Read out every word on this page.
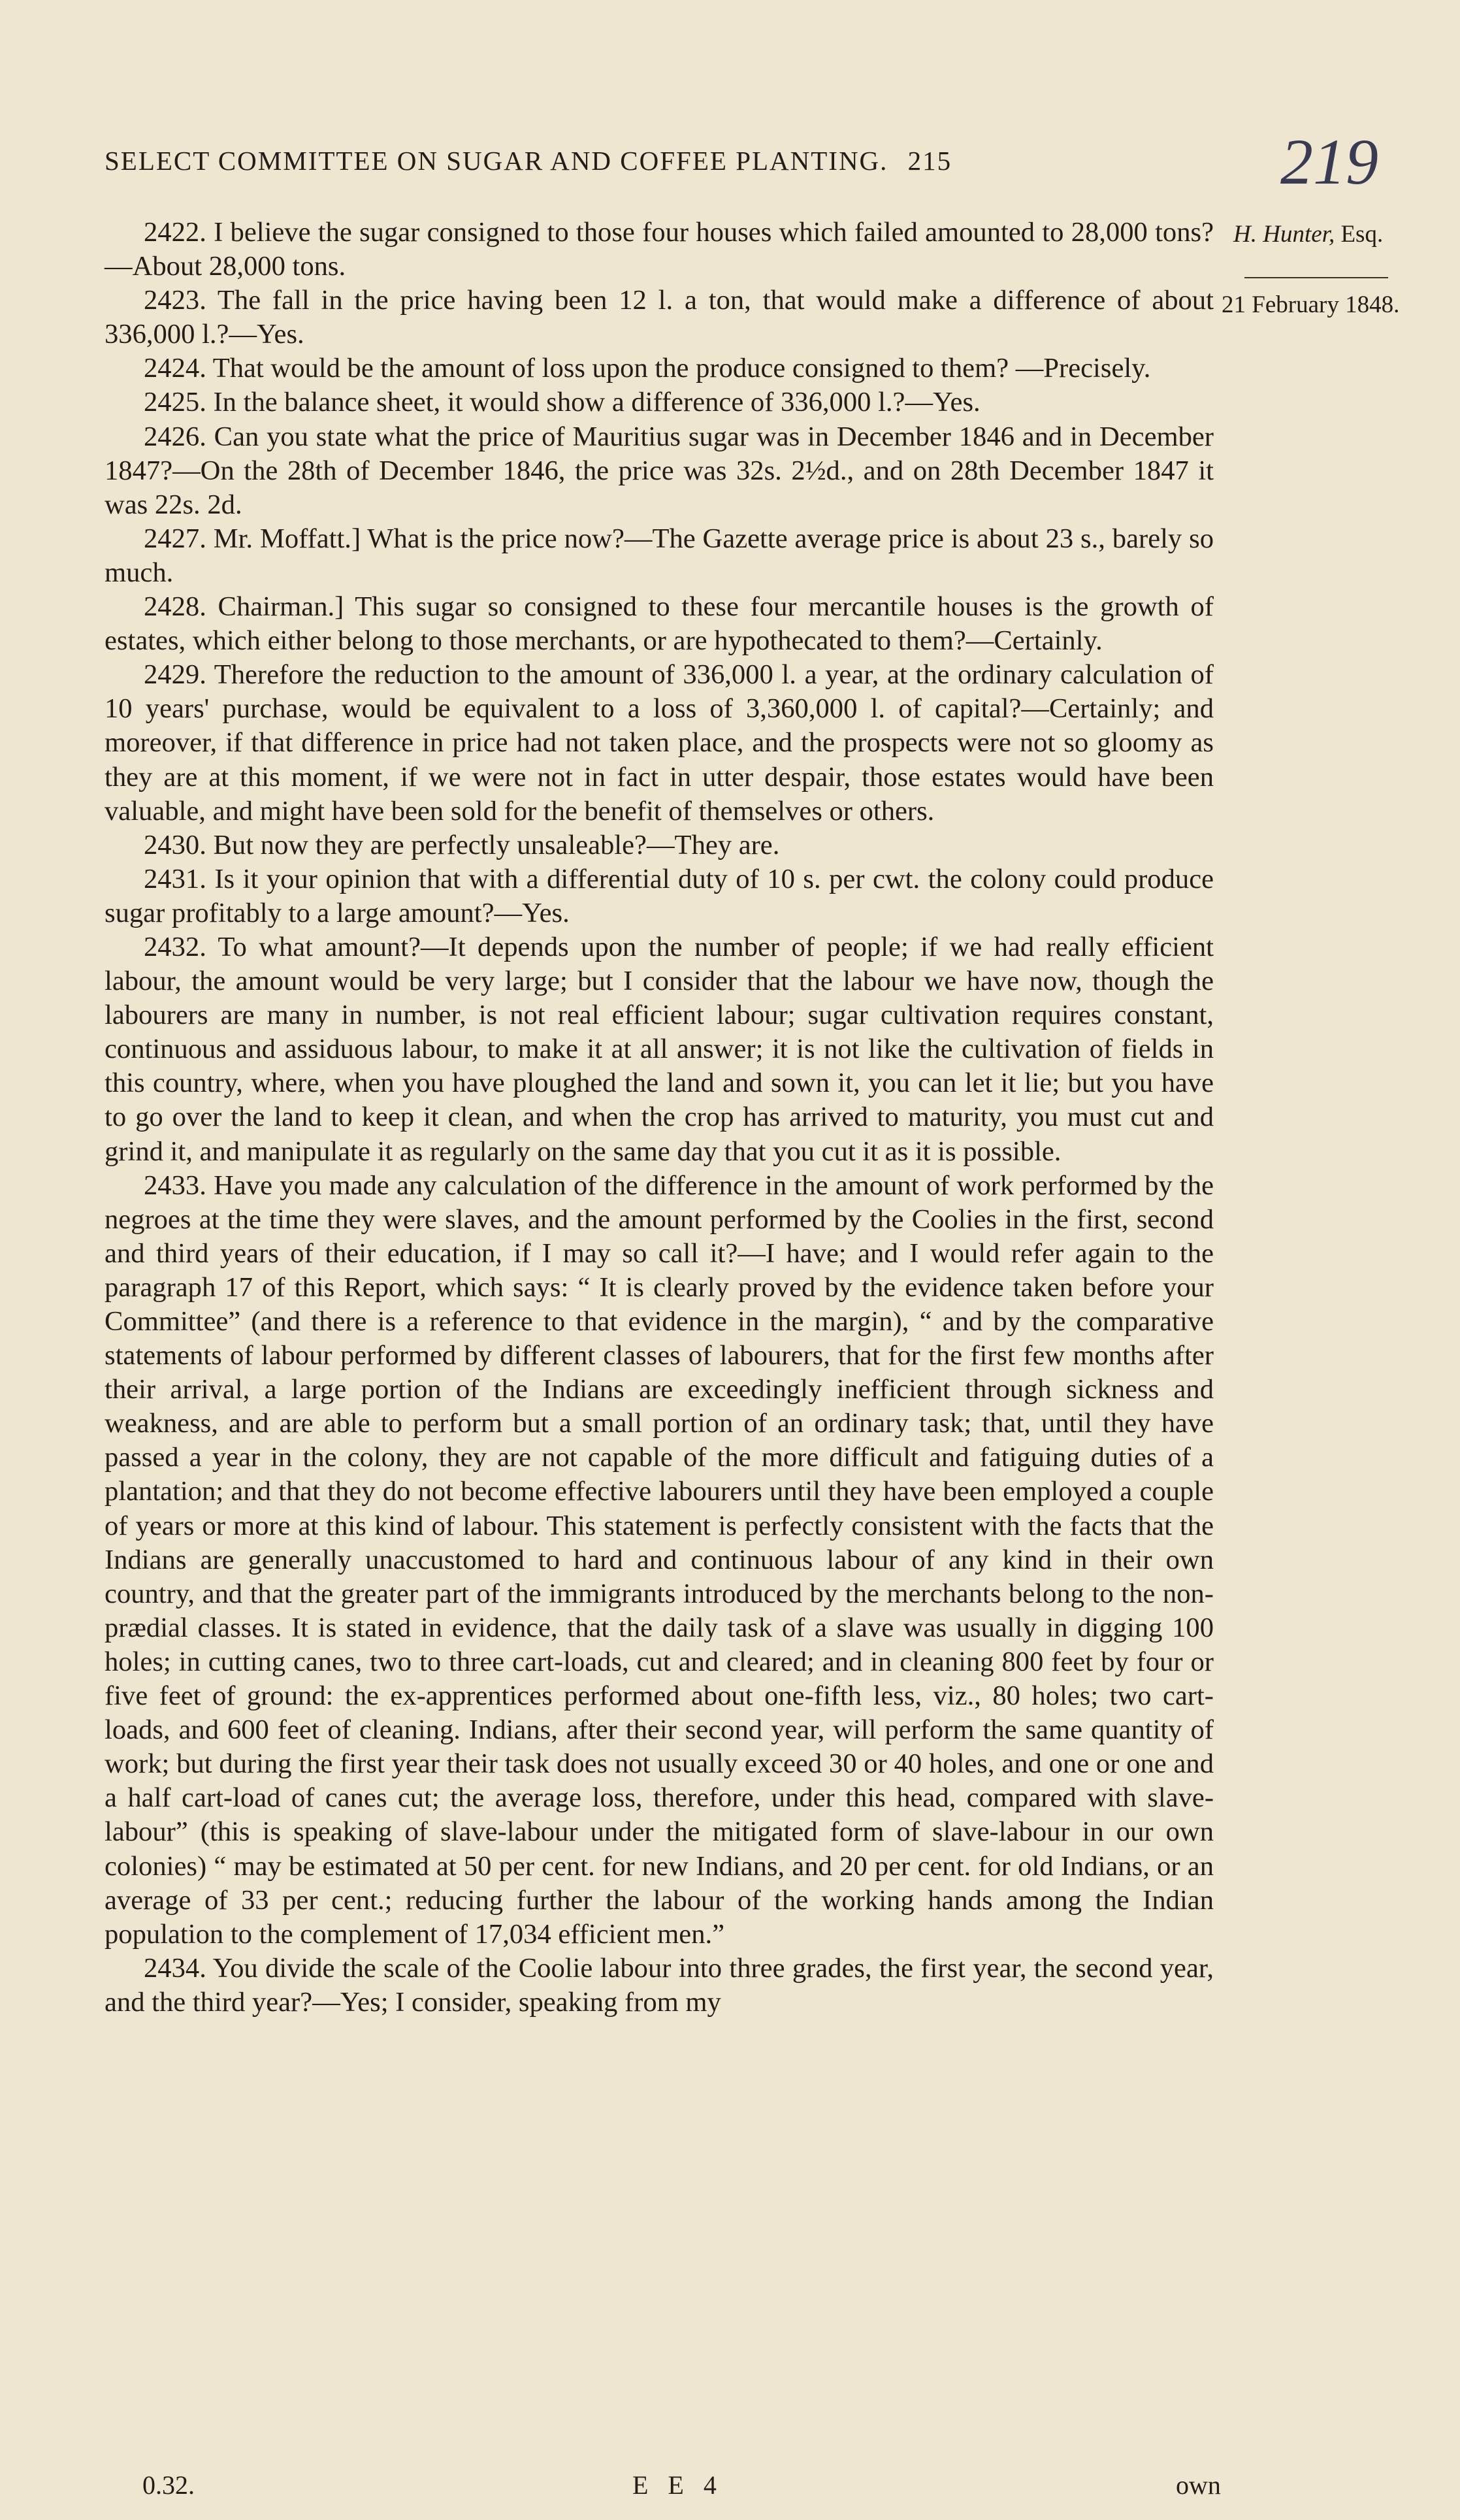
SELECT COMMITTEE ON SUGAR AND COFFEE PLANTING. 215	219
H. Hunter, Esq.
21 February 1848.

2422. I believe the sugar consigned to those four houses which failed amounted to 28,000 tons?—About 28,000 tons.

2423. The fall in the price having been 12 l. a ton, that would make a difference of about 336,000 l.?—Yes.

2424. That would be the amount of loss upon the produce consigned to them? —Precisely.

2425. In the balance sheet, it would show a difference of 336,000 l.?—Yes.

2426. Can you state what the price of Mauritius sugar was in December 1846 and in December 1847?—On the 28th of December 1846, the price was 32s. 2½d., and on 28th December 1847 it was 22s. 2d.

2427. Mr. Moffatt.] What is the price now?—The Gazette average price is about 23 s., barely so much.

2428. Chairman.] This sugar so consigned to these four mercantile houses is the growth of estates, which either belong to those merchants, or are hypothecated to them?—Certainly.

2429. Therefore the reduction to the amount of 336,000 l. a year, at the ordinary calculation of 10 years' purchase, would be equivalent to a loss of 3,360,000 l. of capital?—Certainly; and moreover, if that difference in price had not taken place, and the prospects were not so gloomy as they are at this moment, if we were not in fact in utter despair, those estates would have been valuable, and might have been sold for the benefit of themselves or others.

2430. But now they are perfectly unsaleable?—They are.

2431. Is it your opinion that with a differential duty of 10 s. per cwt. the colony could produce sugar profitably to a large amount?—Yes.

2432. To what amount?—It depends upon the number of people; if we had really efficient labour, the amount would be very large; but I consider that the labour we have now, though the labourers are many in number, is not real efficient labour; sugar cultivation requires constant, continuous and assiduous labour, to make it at all answer; it is not like the cultivation of fields in this country, where, when you have ploughed the land and sown it, you can let it lie; but you have to go over the land to keep it clean, and when the crop has arrived to maturity, you must cut and grind it, and manipulate it as regularly on the same day that you cut it as it is possible.

2433. Have you made any calculation of the difference in the amount of work performed by the negroes at the time they were slaves, and the amount performed by the Coolies in the first, second and third years of their education, if I may so call it?—I have; and I would refer again to the paragraph 17 of this Report, which says: “ It is clearly proved by the evidence taken before your Committee” (and there is a reference to that evidence in the margin), “ and by the comparative statements of labour performed by different classes of labourers, that for the first few months after their arrival, a large portion of the Indians are exceedingly inefficient through sickness and weakness, and are able to perform but a small portion of an ordinary task; that, until they have passed a year in the colony, they are not capable of the more difficult and fatiguing duties of a plantation; and that they do not become effective labourers until they have been employed a couple of years or more at this kind of labour. This statement is perfectly consistent with the facts that the Indians are generally unaccustomed to hard and continuous labour of any kind in their own country, and that the greater part of the immigrants introduced by the merchants belong to the non-prædial classes. It is stated in evidence, that the daily task of a slave was usually in digging 100 holes; in cutting canes, two to three cart-loads, cut and cleared; and in cleaning 800 feet by four or five feet of ground: the ex-apprentices performed about one-fifth less, viz., 80 holes; two cart-loads, and 600 feet of cleaning. Indians, after their second year, will perform the same quantity of work; but during the first year their task does not usually exceed 30 or 40 holes, and one or one and a half cart-load of canes cut; the average loss, therefore, under this head, compared with slave-labour” (this is speaking of slave-labour under the mitigated form of slave-labour in our own colonies) “ may be estimated at 50 per cent. for new Indians, and 20 per cent. for old Indians, or an average of 33 per cent.; reducing further the labour of the working hands among the Indian population to the complement of 17,034 efficient men.”

2434. You divide the scale of the Coolie labour into three grades, the first year, the second year, and the third year?—Yes; I consider, speaking from my

0.32.	E E 4	own
